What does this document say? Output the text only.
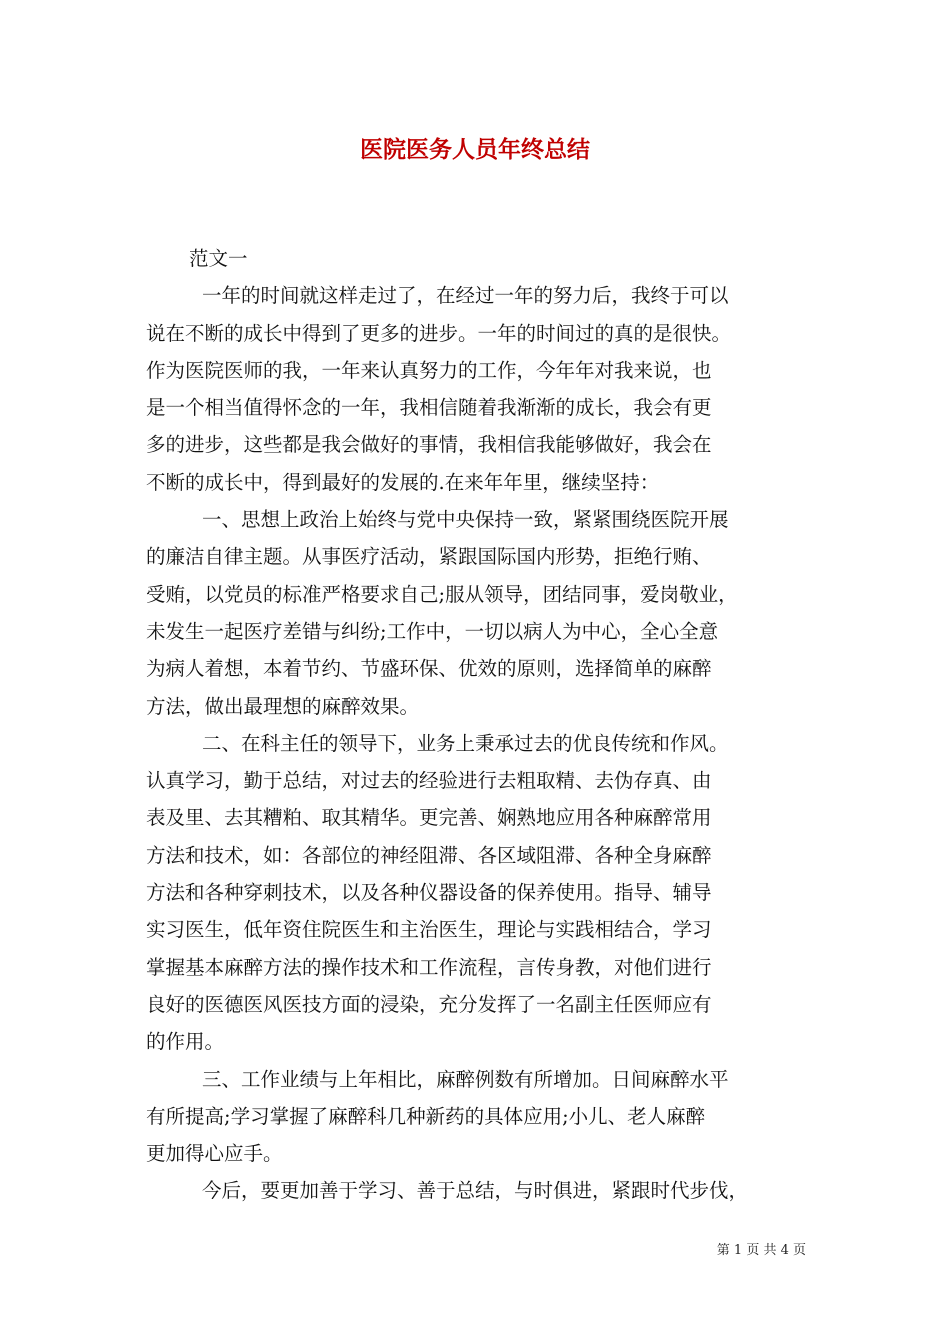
医院医务人员年终总结
范文一
一年的时间就这样走过了，在经过一年的努力后，我终于可以
说在不断的成长中得到了更多的进步。一年的时间过的真的是很快。
作为医院医师的我，一年来认真努力的工作，今年年对我来说，也
是一个相当值得怀念的一年，我相信随着我渐渐的成长，我会有更
多的进步，这些都是我会做好的事情，我相信我能够做好，我会在
不断的成长中，得到最好的发展的.在来年年里，继续坚持：
一、思想上政治上始终与党中央保持一致，紧紧围绕医院开展
的廉洁自律主题。从事医疗活动，紧跟国际国内形势，拒绝行贿、
受贿，以党员的标准严格要求自己;服从领导，团结同事，爱岗敬业，
未发生一起医疗差错与纠纷;工作中，一切以病人为中心，全心全意
为病人着想，本着节约、节盛环保、优效的原则，选择简单的麻醉
方法，做出最理想的麻醉效果。
二、在科主任的领导下，业务上秉承过去的优良传统和作风。
认真学习，勤于总结，对过去的经验进行去粗取精、去伪存真、由
表及里、去其糟粕、取其精华。更完善、娴熟地应用各种麻醉常用
方法和技术，如：各部位的神经阻滞、各区域阻滞、各种全身麻醉
方法和各种穿刺技术，以及各种仪器设备的保养使用。指导、辅导
实习医生，低年资住院医生和主治医生，理论与实践相结合，学习
掌握基本麻醉方法的操作技术和工作流程，言传身教，对他们进行
良好的医德医风医技方面的浸染，充分发挥了一名副主任医师应有
的作用。
三、工作业绩与上年相比，麻醉例数有所增加。日间麻醉水平
有所提高;学习掌握了麻醉科几种新药的具体应用;小儿、老人麻醉
更加得心应手。
今后，要更加善于学习、善于总结，与时俱进，紧跟时代步伐，
第 1 页 共 4 页
